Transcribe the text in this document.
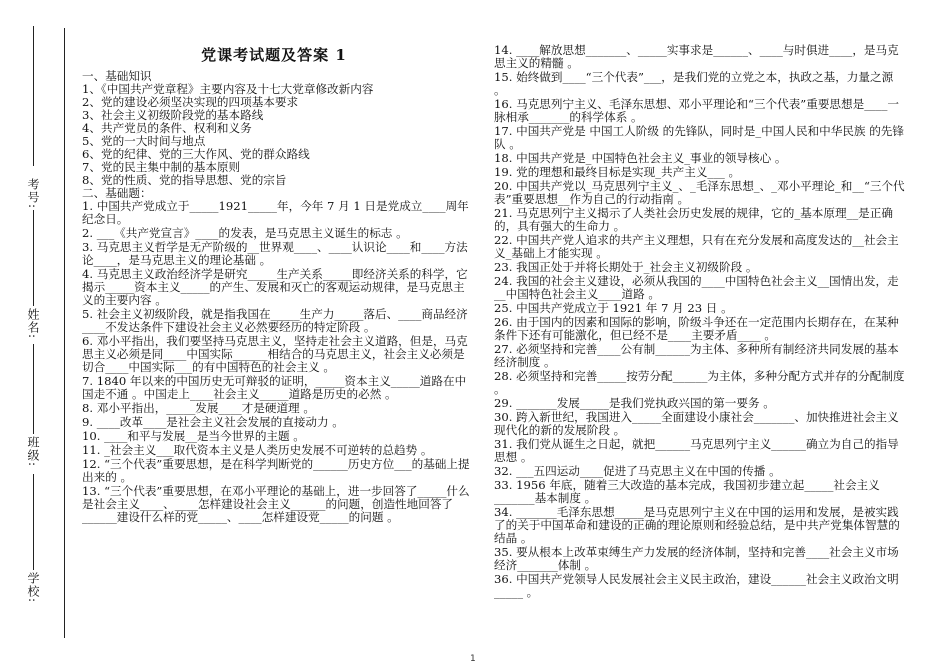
考号:
姓名:
班级:
学校:
党课考试题及答案 1
一、基础知识
1、《中国共产党章程》主要内容及十七大党章修改新内容
2、党的建设必须坚决实现的四项基本要求
3、社会主义初级阶段党的基本路线
4、共产党员的条件、权利和义务
5、党的一大时间与地点
6、党的纪律、党的三大作风、党的群众路线
7、党的民主集中制的基本原则
8、党的性质、党的指导思想、党的宗旨
二、基础题：
1. 中国共产党成立于_____1921_____年，今年 7 月 1 日是党成立____周年纪念日。
2. ___《共产党宣言》____的发表，是马克思主义诞生的标志 。
3. 马克思主义哲学是无产阶级的__世界观____、____认识论____和____方法论____，是马克思主义的理论基础 。
4. 马克思主义政治经济学是研究_____生产关系_____即经济关系的科学，它揭示_____资本主义_____的产生、发展和灭亡的客观运动规律，是马克思主义的主要内容 。
5. 社会主义初级阶段，就是指我国在_____生产力_____落后、____商品经济____不发达条件下建设社会主义必然要经历的特定阶段 。
6. 邓小平指出，我们要坚持马克思主义，坚持走社会主义道路，但是，马克思主义必须是同____中国实际______相结合的马克思主义，社会主义必须是切合____中国实际___的有中国特色的社会主义 。
7. 1840 年以来的中国历史无可辩驳的证明，_____资本主义_____道路在中国走不通 。中国走上____社会主义_____道路是历史的必然 。
8. 邓小平指出，_____发展____才是硬道理 。
9. ____改革____是社会主义社会发展的直接动力 。
10. ____和平与发展__是当今世界的主题 。
11. _社会主义___取代资本主义是人类历史发展不可逆转的总趋势 。
12. “三个代表”重要思想，是在科学判断党的______历史方位___的基础上提出来的 。
13. “三个代表”重要思想，在邓小平理论的基础上，进一步回答了_____什么是社会主义____、____怎样建设社会主义______的问题，创造性地回答了______建设什么样的党_____、____怎样建设党_____的问题 。
14. ____解放思想_______、_____实事求是______、____与时俱进____，是马克思主义的精髓 。
15. 始终做到____“三个代表”___，是我们党的立党之本，执政之基，力量之源 。
16. 马克思列宁主义、毛泽东思想、邓小平理论和“三个代表”重要思想是____一脉相承_______的科学体系 。
17. 中国共产党是 中国工人阶级 的先锋队，同时是_中国人民和中华民族 的先锋队 。
18. 中国共产党是_中国特色社会主义_事业的领导核心 。
19. 党的理想和最终目标是实现_共产主义___ 。
20. 中国共产党以_马克思列宁主义_、_毛泽东思想_、_邓小平理论_和__“三个代表”重要思想__作为自己的行动指南 。
21. 马克思列宁主义揭示了人类社会历史发展的规律，它的_基本原理__是正确的，具有强大的生命力 。
22. 中国共产党人追求的共产主义理想，只有在充分发展和高度发达的__社会主义_基础上才能实现 。
23. 我国正处于并将长期处于_社会主义初级阶段 。
24. 我国的社会主义建设，必须从我国的____中国特色社会主义__国情出发，走__中国特色社会主义____道路 。
25. 中国共产党成立于 1921 年 7 月 23 日 。
26. 由于国内的因素和国际的影响，阶级斗争还在一定范围内长期存在，在某种条件下还有可能激化，但已经不是____主要矛盾____ 。
27. 必须坚持和完善____公有制______为主体、多种所有制经济共同发展的基本经济制度 。
28. 必须坚持和完善_____按劳分配______为主体，多种分配方式并存的分配制度 。
29. _______发展_____是我们党执政兴国的第一要务 。
30. 跨入新世纪，我国进入_____全面建设小康社会_______、加快推进社会主义现代化的新的发展阶段 。
31. 我们党从诞生之日起，就把______马克思列宁主义______确立为自己的指导思想 。
32. ___五四运动____促进了马克思主义在中国的传播 。
33. 1956 年底，随着三大改造的基本完成，我国初步建立起_____社会主义_______基本制度 。
34. _______毛泽东思想_____是马克思列宁主义在中国的运用和发展，是被实践了的关于中国革命和建设的正确的理论原则和经验总结，是中共产党集体智慧的结晶 。
35. 要从根本上改革束缚生产力发展的经济体制，坚持和完善____社会主义市场经济_______体制 。
36. 中国共产党领导人民发展社会主义民主政治，建设______社会主义政治文明_____ 。
1
